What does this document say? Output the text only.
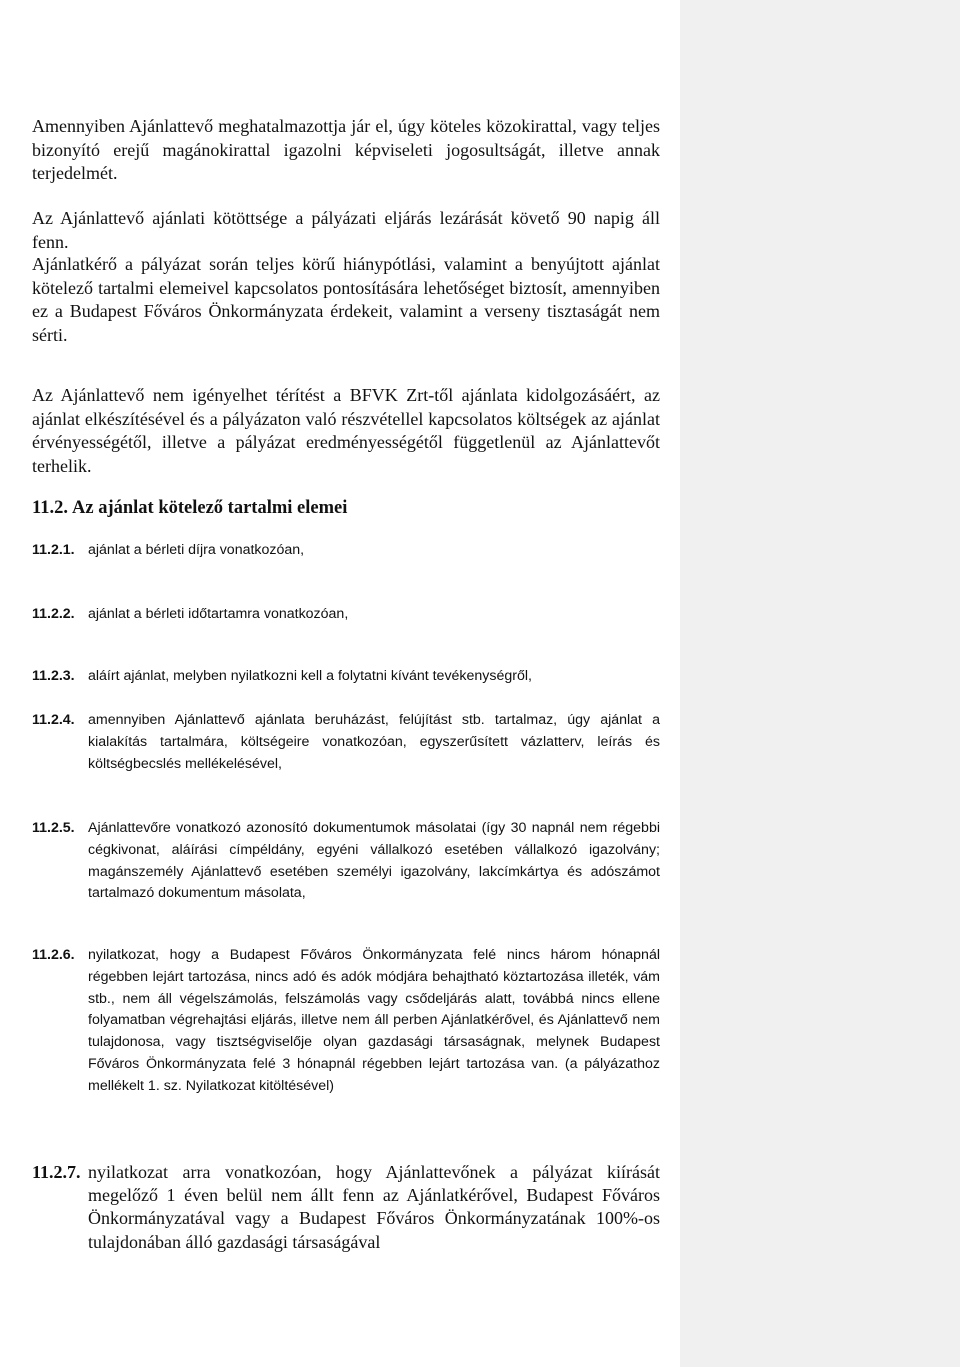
Amennyiben Ajánlattevő meghatalmazottja jár el, úgy köteles közokirattal, vagy teljes bizonyító erejű magánokirattal igazolni képviseleti jogosultságát, illetve annak terjedelmét.

Az Ajánlattevő ajánlati kötöttsége a pályázati eljárás lezárását követő 90 napig áll fenn.

Ajánlatkérő a pályázat során teljes körű hiánypótlási, valamint a benyújtott ajánlat kötelező tartalmi elemeivel kapcsolatos pontosítására lehetőséget biztosít, amennyiben ez a Budapest Főváros Önkormányzata érdekeit, valamint a verseny tisztaságát nem sérti.

Az Ajánlattevő nem igényelhet térítést a BFVK Zrt-től ajánlata kidolgozásáért, az ajánlat elkészítésével és a pályázaton való részvétellel kapcsolatos költségek az ajánlat érvényességétől, illetve a pályázat eredményességétől függetlenül az Ajánlattevőt terhelik.

11.2. Az ajánlat kötelező tartalmi elemei

11.2.1. ajánlat a bérleti díjra vonatkozóan,
11.2.2. ajánlat a bérleti időtartamra vonatkozóan,
11.2.3. aláírt ajánlat, melyben nyilatkozni kell a folytatni kívánt tevékenységről,
11.2.4. amennyiben Ajánlattevő ajánlata beruházást, felújítást stb. tartalmaz, úgy ajánlat a kialakítás tartalmára, költségeire vonatkozóan, egyszerűsített vázlatterv, leírás és költségbecslés mellékelésével,
11.2.5. Ajánlattevőre vonatkozó azonosító dokumentumok másolatai (így 30 napnál nem régebbi cégkivonat, aláírási címpéldány, egyéni vállalkozó esetében vállalkozó igazolvány; magánszemély Ajánlattevő esetében személyi igazolvány, lakcímkártya és adószámot tartalmazó dokumentum másolata,
11.2.6. nyilatkozat, hogy a Budapest Főváros Önkormányzata felé nincs három hónapnál régebben lejárt tartozása, nincs adó és adók módjára behajtható köztartozása illeték, vám stb., nem áll végelszámolás, felszámolás vagy csődeljárás alatt, továbbá nincs ellene folyamatban végrehajtási eljárás, illetve nem áll perben Ajánlatkérővel, és Ajánlattevő nem tulajdonosa, vagy tisztségviselője olyan gazdasági társaságnak, melynek Budapest Főváros Önkormányzata felé 3 hónapnál régebben lejárt tartozása van. (a pályázathoz mellékelt 1. sz. Nyilatkozat kitöltésével)
11.2.7. nyilatkozat arra vonatkozóan, hogy Ajánlattevőnek a pályázat kiírását megelőző 1 éven belül nem állt fenn az Ajánlatkérővel, Budapest Főváros Önkormányzatával vagy a Budapest Főváros Önkormányzatának 100%-os tulajdonában álló gazdasági társaságával
